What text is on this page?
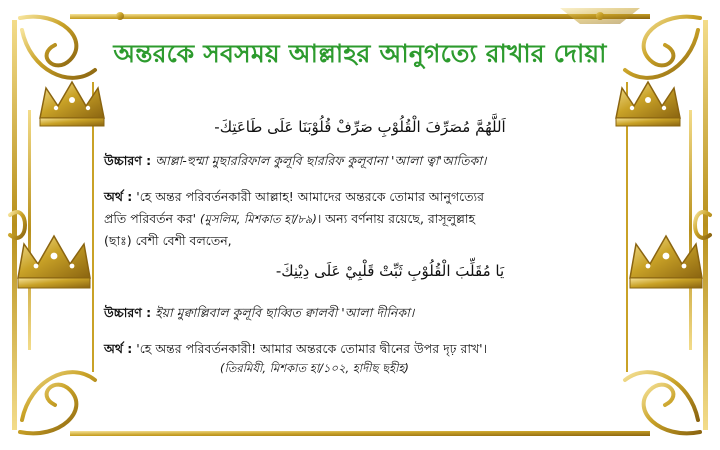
অন্তরকে সবসময় আল্লাহর আনুগত্যে রাখার দোয়া
اَللَّهُمَّ مُصَرِّفَ الْقُلُوْبِ صَرِّفْ قُلُوْبَنَا عَلَى طَاعَتِكَ-
উচ্চারণ : আল্লা-হুম্মা মুছাররিফাল কুলূবি ছাররিফ কুলূবানা 'আলা ত্বা'আতিকা।
অর্থ : 'হে অন্তর পরিবর্তনকারী আল্লাহ! আমাদের অন্তরকে তোমার আনুগত্যের
প্রতি পরিবর্তন কর' (মুসলিম, মিশকাত হা/৮৯)। অন্য বর্ণনায় রয়েছে, রাসূলুল্লাহ
(ছাঃ) বেশী বেশী বলতেন,
يَا مُقَلِّبَ الْقُلُوْبِ ثَبِّتْ قَلْبِيْ عَلَى دِيْنِكَ-
উচ্চারণ : ইয়া মুক্বাল্লিবাল কুলূবি ছাব্বিত ক্বালবী 'আলা দীনিকা।
অর্থ : 'হে অন্তর পরিবর্তনকারী! আমার অন্তরকে তোমার দ্বীনের উপর দৃঢ় রাখ'।
(তিরমিযী, মিশকাত হা/১০২, হাদীছ ছহীহ)
